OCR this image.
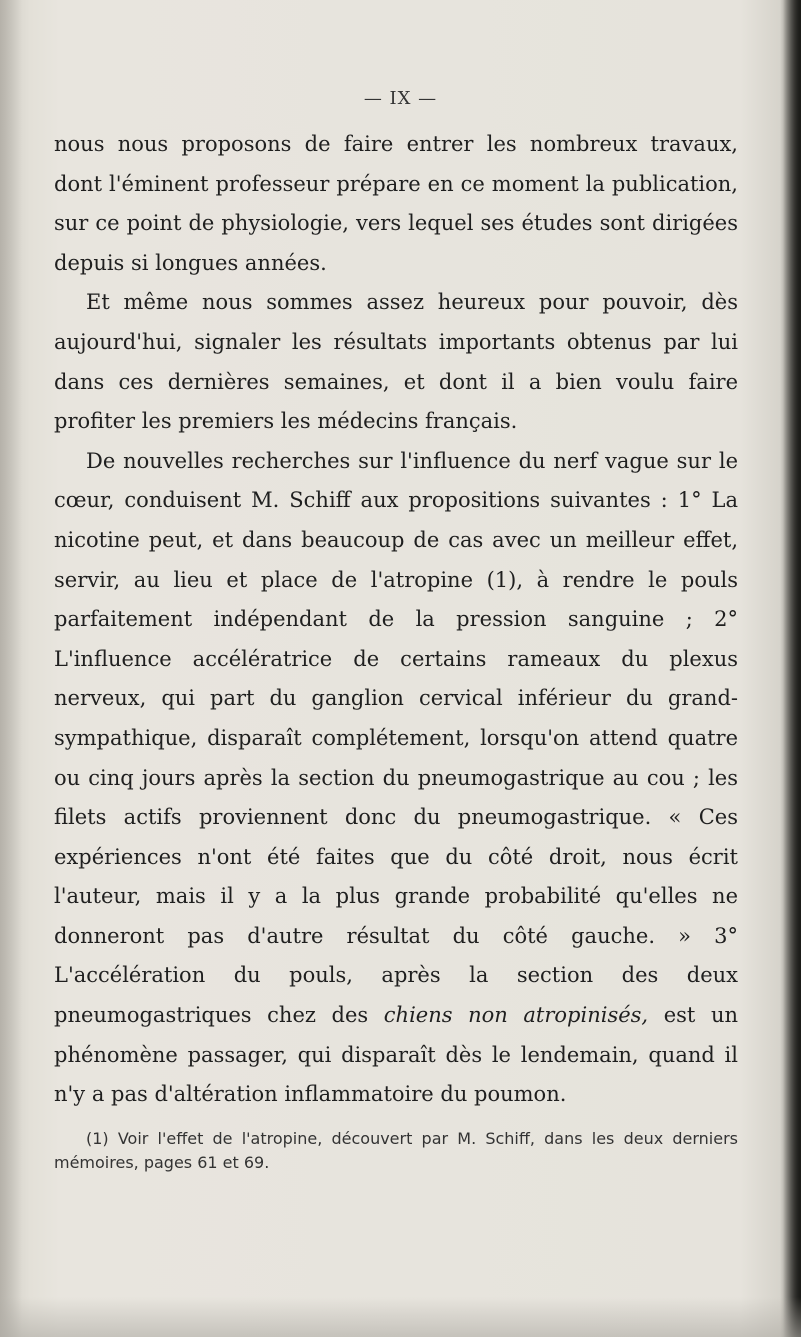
— IX —

nous nous proposons de faire entrer les nombreux travaux, dont l'éminent professeur prépare en ce moment la publication, sur ce point de physiologie, vers lequel ses études sont dirigées depuis si longues années.

Et même nous sommes assez heureux pour pouvoir, dès aujourd'hui, signaler les résultats importants obtenus par lui dans ces dernières semaines, et dont il a bien voulu faire profiter les premiers les médecins français.

De nouvelles recherches sur l'influence du nerf vague sur le cœur, conduisent M. Schiff aux propositions suivantes : 1° La nicotine peut, et dans beaucoup de cas avec un meilleur effet, servir, au lieu et place de l'atropine (1), à rendre le pouls parfaitement indépendant de la pression sanguine ; 2° L'influence accélératrice de certains rameaux du plexus nerveux, qui part du ganglion cervical inférieur du grand-sympathique, disparaît complétement, lorsqu'on attend quatre ou cinq jours après la section du pneumogastrique au cou ; les filets actifs proviennent donc du pneumogastrique. « Ces expériences n'ont été faites que du côté droit, nous écrit l'auteur, mais il y a la plus grande probabilité qu'elles ne donneront pas d'autre résultat du côté gauche. » 3° L'accélération du pouls, après la section des deux pneumogastriques chez des chiens non atropinisés, est un phénomène passager, qui disparaît dès le lendemain, quand il n'y a pas d'altération inflammatoire du poumon.

(1) Voir l'effet de l'atropine, découvert par M. Schiff, dans les deux derniers mémoires, pages 61 et 69.
